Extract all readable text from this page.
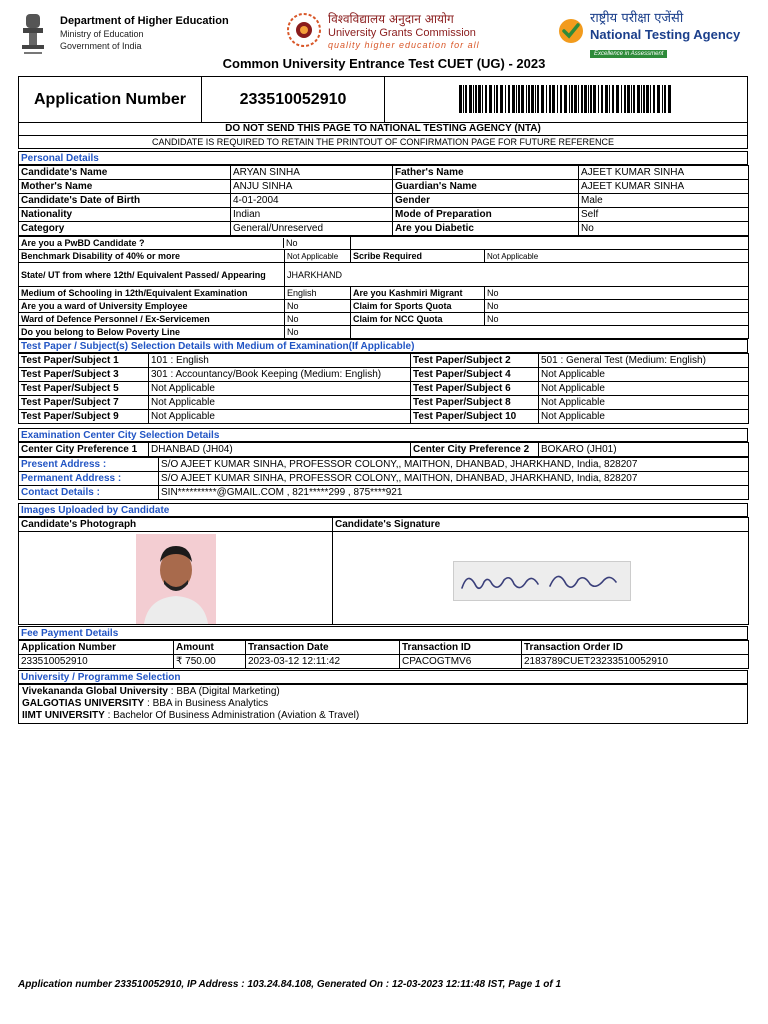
Department of Higher Education
Ministry of Education
Government of India
विश्वविद्यालय अनुदान आयोग
University Grants Commission
quality higher education for all
राष्ट्रीय परीक्षा एजेंसी
National Testing Agency
Excellence in Assessment
Common University Entrance Test CUET (UG) - 2023
Application Number	233510052910
DO NOT SEND THIS PAGE TO NATIONAL TESTING AGENCY (NTA)
CANDIDATE IS REQUIRED TO RETAIN THE PRINTOUT OF CONFIRMATION PAGE FOR FUTURE REFERENCE
Personal Details
Candidate's Name	ARYAN SINHA	Father's Name	AJEET KUMAR SINHA
Mother's Name	ANJU SINHA	Guardian's Name	AJEET KUMAR SINHA
Candidate's Date of Birth	4-01-2004	Gender	Male
Nationality	Indian	Mode of Preparation	Self
Category	General/Unreserved	Are you Diabetic	No
Are you a PwBD Candidate ? No			
Benchmark Disability of 40% or more	Not Applicable	Scribe Required	Not Applicable
State/ UT from where 12th/ Equivalent Passed/ Appearing	JHARKHAND		
Medium of Schooling in 12th/Equivalent Examination	English	Are you Kashmiri Migrant	No
Are you a ward of University Employee	No	Claim for Sports Quota	No
Ward of Defence Personnel / Ex-Servicemen	No	Claim for NCC Quota	No
Do you belong to Below Poverty Line	No		
Test Paper / Subject(s) Selection Details with Medium of Examination(If Applicable)
Test Paper/Subject 1	101 : English	Test Paper/Subject 2	501 : General Test (Medium: English)
Test Paper/Subject 3	301 : Accountancy/Book Keeping (Medium: English)	Test Paper/Subject 4	Not Applicable
Test Paper/Subject 5	Not Applicable	Test Paper/Subject 6	Not Applicable
Test Paper/Subject 7	Not Applicable	Test Paper/Subject 8	Not Applicable
Test Paper/Subject 9	Not Applicable	Test Paper/Subject 10	Not Applicable
Examination Center City Selection Details
Center City Preference 1	DHANBAD (JH04)	Center City Preference 2	BOKARO (JH01)
Present Address :	S/O AJEET KUMAR SINHA, PROFESSOR COLONY,, MAITHON, DHANBAD, JHARKHAND, India, 828207
Permanent Address :	S/O AJEET KUMAR SINHA, PROFESSOR COLONY,, MAITHON, DHANBAD, JHARKHAND, India, 828207
Contact Details :	SIN**********@GMAIL.COM , 821*****299 , 875****921
Images Uploaded by Candidate
Candidate's Photograph	Candidate's Signature

Fee Payment Details
Application Number	Amount	Transaction Date	Transaction ID	Transaction Order ID
233510052910	₹ 750.00	2023-03-12 12:11:42	CPACOGTMV6	2183789CUET23233510052910
University / Programme Selection
Vivekananda Global University : BBA (Digital Marketing)
GALGOTIAS UNIVERSITY : BBA in Business Analytics
IIMT UNIVERSITY : Bachelor Of Business Administration (Aviation & Travel)
Application number 233510052910, IP Address : 103.24.84.108, Generated On : 12-03-2023 12:11:48 IST, Page 1 of 1
